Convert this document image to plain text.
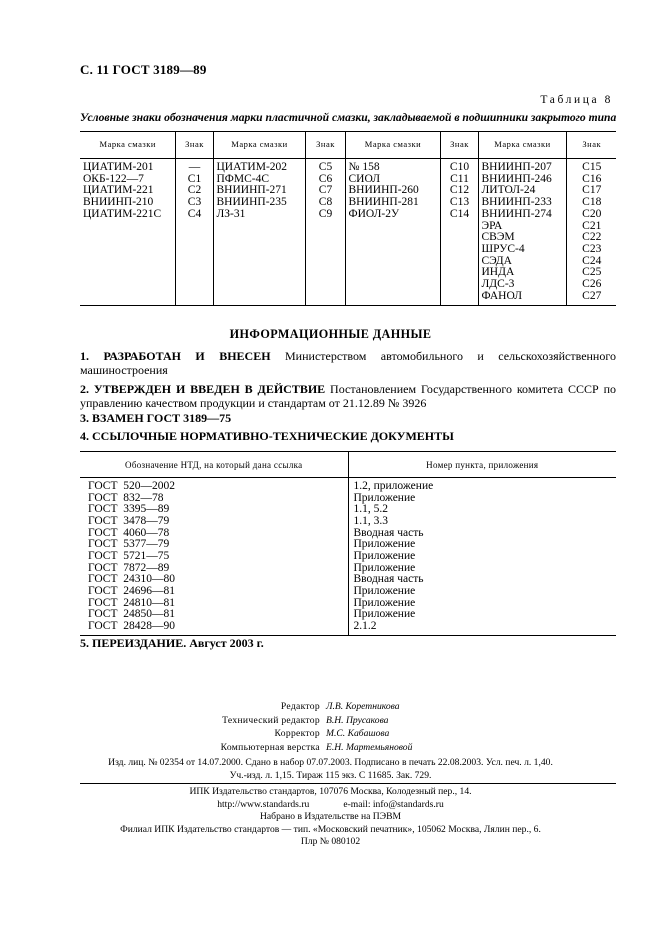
С. 11 ГОСТ 3189—89
Таблица 8
Условные знаки обозначения марки пластичной смазки, закладываемой в подшипники закрытого типа
Марка смазки	Знак	Марка смазки	Знак	Марка смазки	Знак	Марка смазки	Знак
ЦИАТИМ-201	—	ЦИАТИМ-202	С5	№ 158	С10	ВНИИНП-207	С15
ОКБ-122—7	С1	ПФМС-4С	С6	СИОЛ	С11	ВНИИНП-246	С16
ЦИАТИМ-221	С2	ВНИИНП-271	С7	ВНИИНП-260	С12	ЛИТОЛ-24	С17
ВНИИНП-210	С3	ВНИИНП-235	С8	ВНИИНП-281	С13	ВНИИНП-233	С18
ЦИАТИМ-221С	С4	ЛЗ-31	С9	ФИОЛ-2У	С14	ВНИИНП-274	С20
						ЭРА	С21
						СВЭМ	С22
						ШРУС-4	С23
						СЭДА	С24
						ИНДА	С25
						ЛДС-3	С26
						ФАНОЛ	С27
ИНФОРМАЦИОННЫЕ ДАННЫЕ
1. РАЗРАБОТАН И ВНЕСЕН Министерством автомобильного и сельскохозяйственного машиностроения
2. УТВЕРЖДЕН И ВВЕДЕН В ДЕЙСТВИЕ Постановлением Государственного комитета СССР по управлению качеством продукции и стандартам от 21.12.89 № 3926
3. ВЗАМЕН ГОСТ 3189—75
4. ССЫЛОЧНЫЕ НОРМАТИВНО-ТЕХНИЧЕСКИЕ ДОКУМЕНТЫ
Обозначение НТД, на который дана ссылка	Номер пункта, приложения
ГОСТ  520—2002	1.2, приложение
ГОСТ  832—78	Приложение
ГОСТ  3395—89	1.1, 5.2
ГОСТ  3478—79	1.1, 3.3
ГОСТ  4060—78	Вводная часть
ГОСТ  5377—79	Приложение
ГОСТ  5721—75	Приложение
ГОСТ  7872—89	Приложение
ГОСТ  24310—80	Вводная часть
ГОСТ  24696—81	Приложение
ГОСТ  24810—81	Приложение
ГОСТ  24850—81	Приложение
ГОСТ  28428—90	2.1.2
5. ПЕРЕИЗДАНИЕ. Август 2003 г.
Редактор Л.В. Коретникова
Технический редактор В.Н. Прусакова
Корректор М.С. Кабашова
Компьютерная верстка Е.Н. Мартемьяновой
Изд. лиц. № 02354 от 14.07.2000. Сдано в набор 07.07.2003. Подписано в печать 22.08.2003. Усл. печ. л. 1,40.
Уч.-изд. л. 1,15. Тираж 115 экз. С 11685. Зак. 729.
ИПК Издательство стандартов, 107076 Москва, Колодезный пер., 14.
http://www.standards.ru	e-mail: info@standards.ru
Набрано в Издательстве на ПЭВМ
Филиал ИПК Издательство стандартов — тип. «Московский печатник», 105062 Москва, Лялин пер., 6.
Плр № 080102
